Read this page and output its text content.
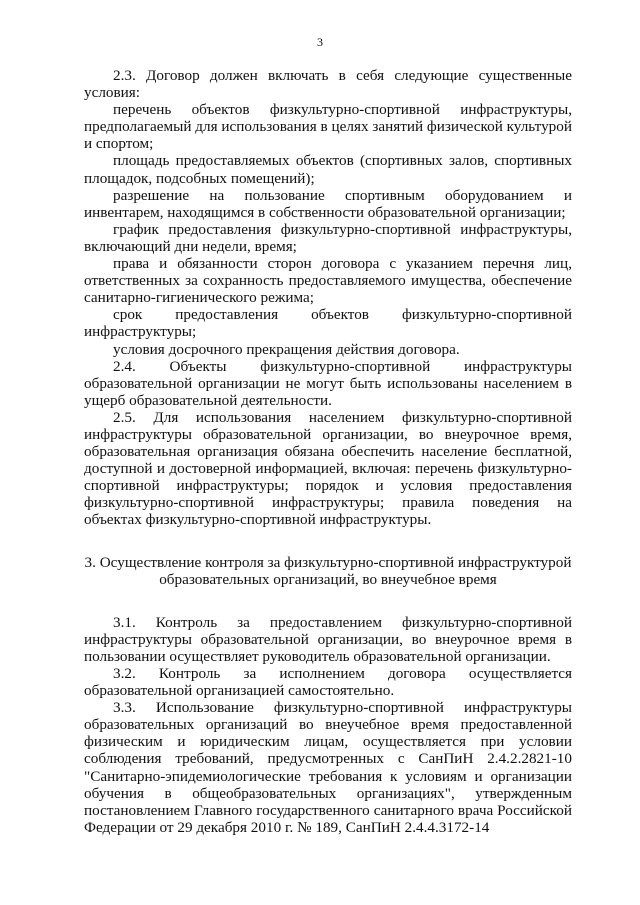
3

2.3. Договор должен включать в себя следующие существенные условия:

перечень объектов физкультурно-спортивной инфраструктуры, предполагаемый для использования в целях занятий физической культурой и спортом;

площадь предоставляемых объектов (спортивных залов, спортивных площадок, подсобных помещений);

разрешение на пользование спортивным оборудованием и инвентарем, находящимся в собственности образовательной организации;

график предоставления физкультурно-спортивной инфраструктуры, включающий дни недели, время;

права и обязанности сторон договора с указанием перечня лиц, ответственных за сохранность предоставляемого имущества, обеспечение санитарно-гигиенического режима;

срок предоставления объектов физкультурно-спортивной инфраструктуры;

условия досрочного прекращения действия договора.

2.4. Объекты физкультурно-спортивной инфраструктуры образовательной организации не могут быть использованы населением в ущерб образовательной деятельности.

2.5. Для использования населением физкультурно-спортивной инфраструктуры образовательной организации, во внеурочное время, образовательная организация обязана обеспечить население бесплатной, доступной и достоверной информацией, включая: перечень физкультурно-спортивной инфраструктуры; порядок и условия предоставления физкультурно-спортивной инфраструктуры; правила поведения на объектах физкультурно-спортивной инфраструктуры.

3. Осуществление контроля за физкультурно-спортивной инфраструктурой
образовательных организаций, во внеучебное время

3.1. Контроль за предоставлением физкультурно-спортивной инфраструктуры образовательной организации, во внеурочное время в пользовании осуществляет руководитель образовательной организации.

3.2. Контроль за исполнением договора осуществляется образовательной организацией самостоятельно.

3.3. Использование физкультурно-спортивной инфраструктуры образовательных организаций во внеучебное время предоставленной физическим и юридическим лицам, осуществляется при условии соблюдения требований, предусмотренных с СанПиН 2.4.2.2821-10 "Санитарно-эпидемиологические требования к условиям и организации обучения в общеобразовательных организациях", утвержденным постановлением Главного государственного санитарного врача Российской Федерации от 29 декабря 2010 г. № 189, СанПиН 2.4.4.3172-14
